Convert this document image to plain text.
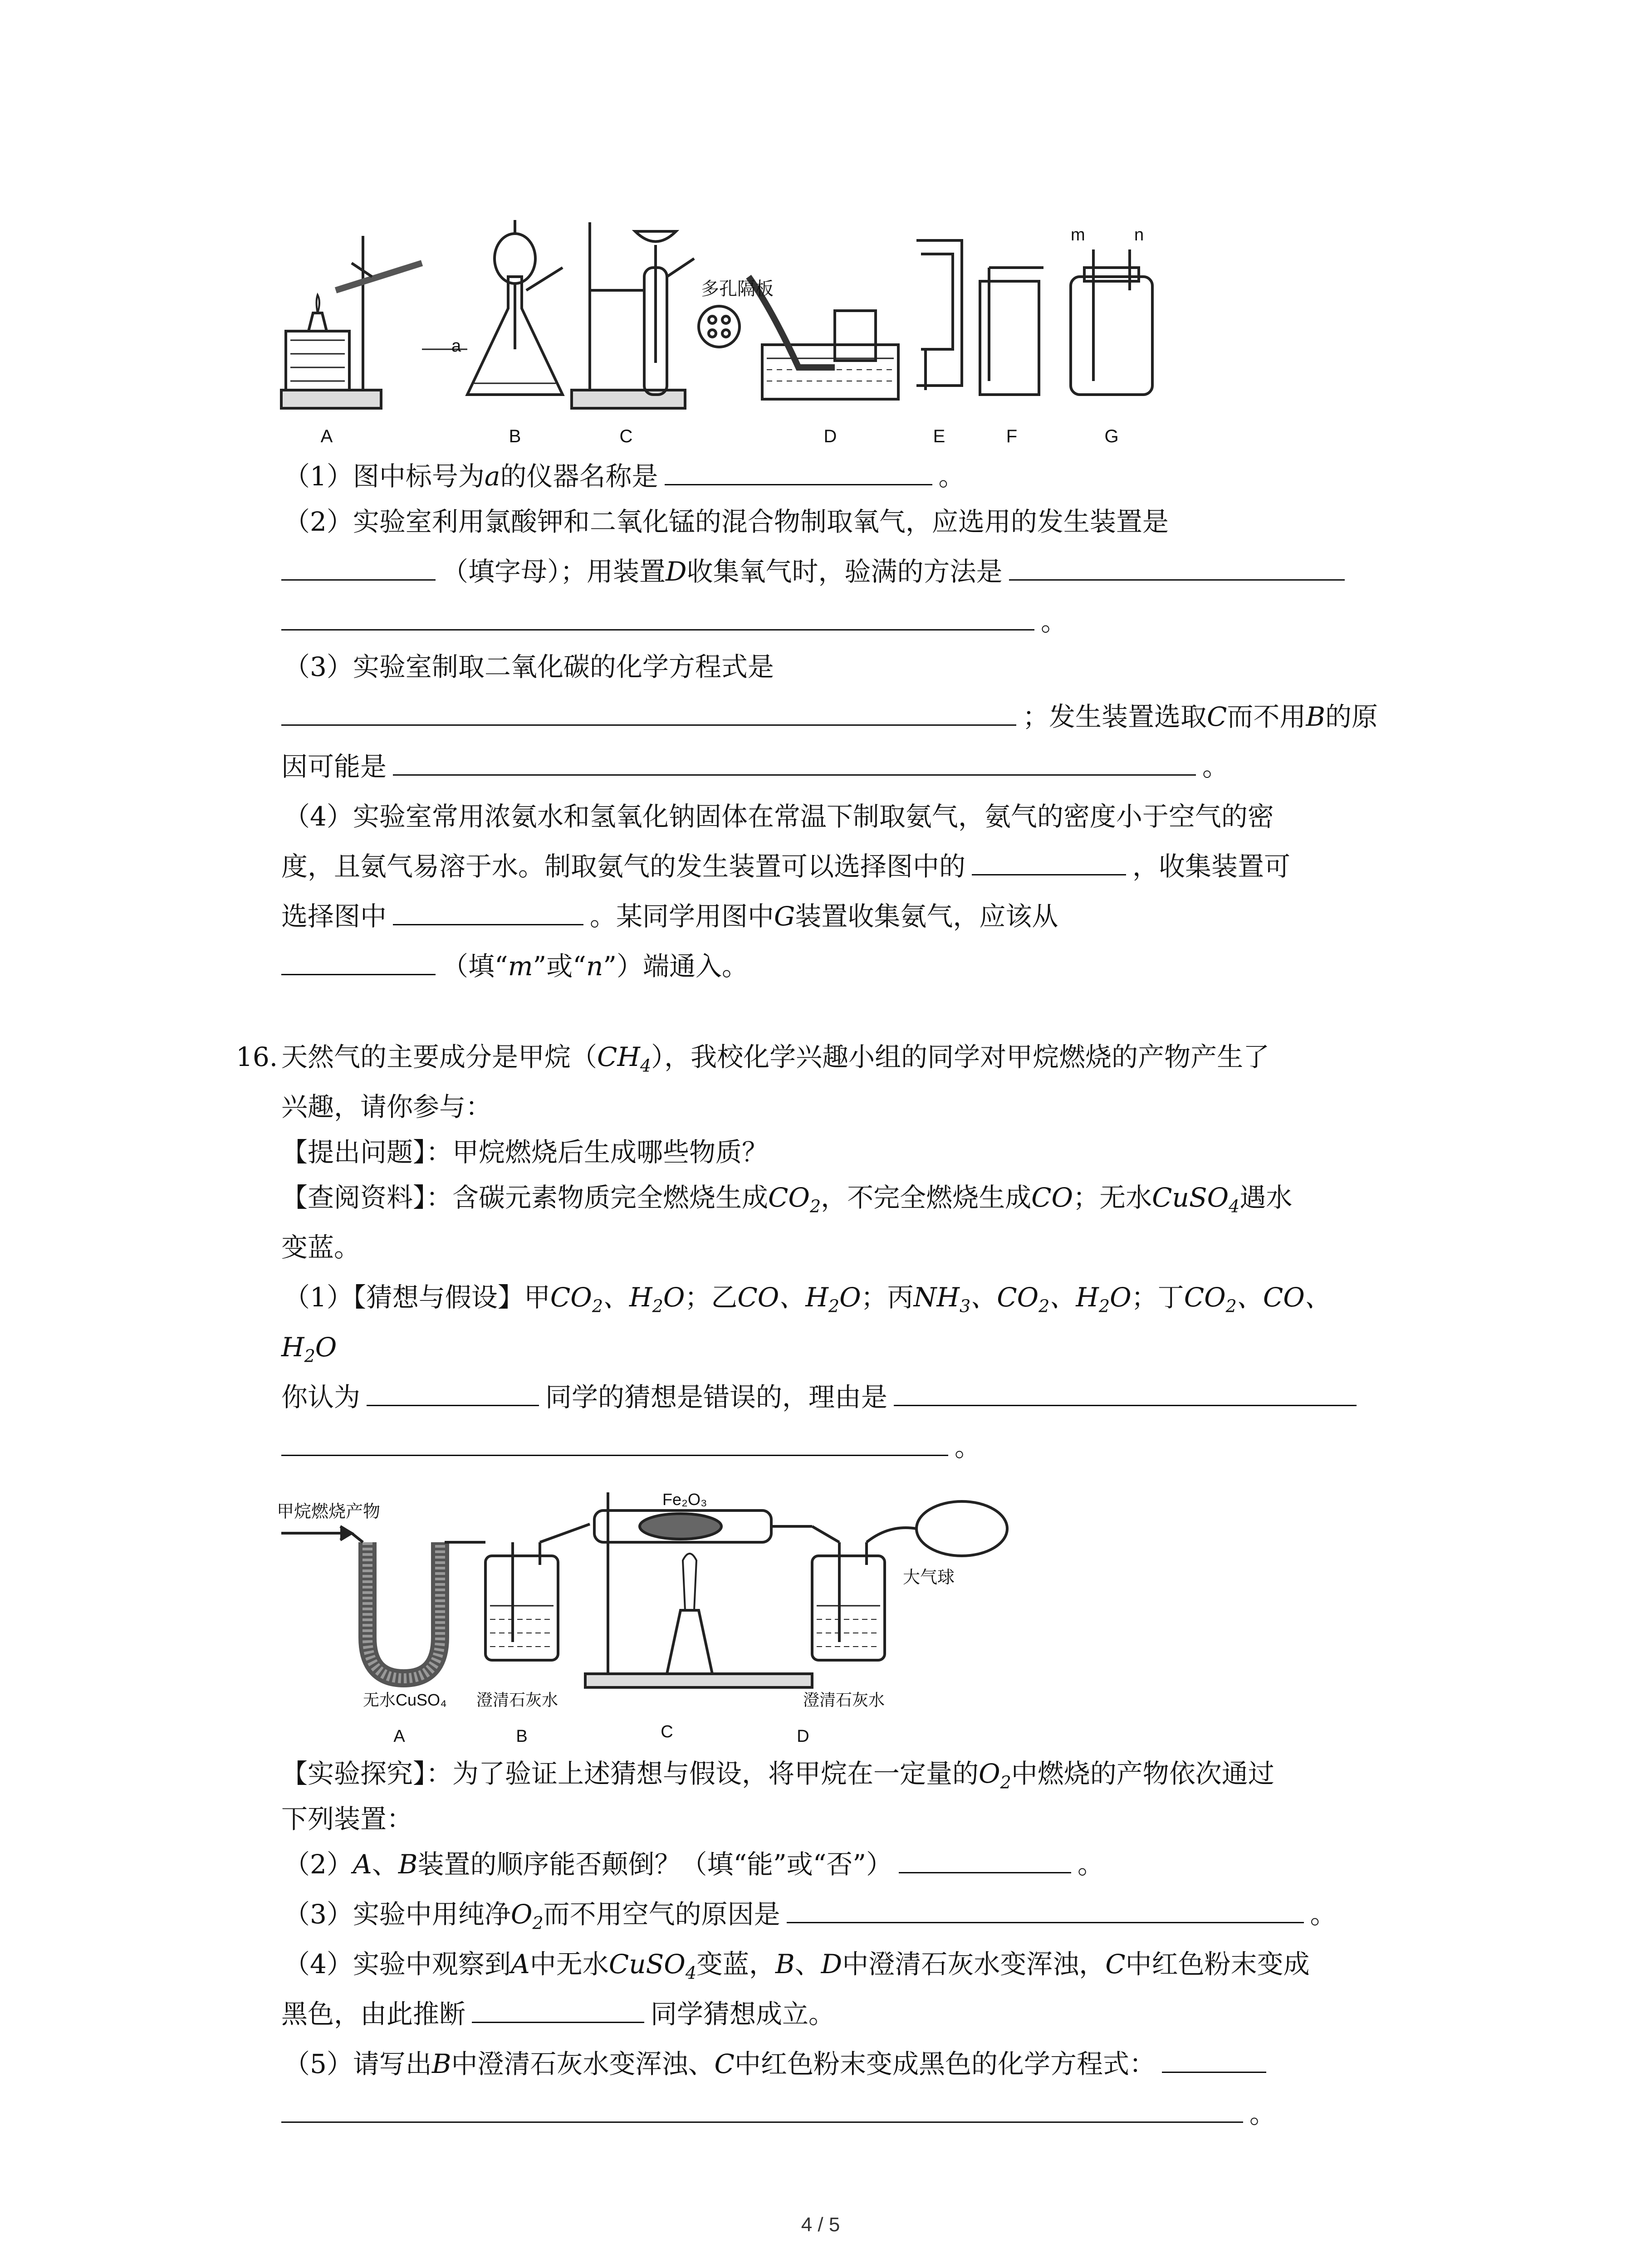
多孔隔板
a
m	n
A	B	C	D	E	F	G
（1）图中标号为a的仪器名称是	。
（2）实验室利用氯酸钾和二氧化锰的混合物制取氧气，应选用的发生装置是
（填字母）；用装置D收集氧气时，验满的方法是
。
（3）实验室制取二氧化碳的化学方程式是
；发生装置选取C而不用B的原
因可能是	。
（4）实验室常用浓氨水和氢氧化钠固体在常温下制取氨气，氨气的密度小于空气的密
度，且氨气易溶于水。制取氨气的发生装置可以选择图中的	，收集装置可
选择图中	。某同学用图中G装置收集氨气，应该从
（填“m”或“n”）端通入。
16. 天然气的主要成分是甲烷$(CH_4)$，我校化学兴趣小组的同学对甲烷燃烧的产物产生了
兴趣，请你参与：
【提出问题】：甲烷燃烧后生成哪些物质？
【查阅资料】：含碳元素物质完全燃烧生成$CO_2$，不完全燃烧生成CO；无水CuSO$_4$遇水
变蓝。
（1）【猜想与假设】甲$CO_2$、$H_2O$；乙CO、$H_2O$；丙$NH_3$、$CO_2$、$H_2O$；丁$CO_2$、CO、
$H_2O$
你认为	同学的猜想是错误的，理由是
。
甲烷燃烧产物
Fe₂O₃
大气球
无水CuSO₄ 澄清石灰水	澄清石灰水
A	B	C	D
【实验探究】：为了验证上述猜想与假设，将甲烷在一定量的$O_2$中燃烧的产物依次通过
下列装置：
（2）A、B装置的顺序能否颠倒？（填“能”或“否”）	。
（3）实验中用纯净$O_2$而不用空气的原因是	。
（4）实验中观察到A中无水CuSO$_4$变蓝，B、D中澄清石灰水变浑浊，C中红色粉末变成
黑色，由此推断	同学猜想成立。
（5）请写出B中澄清石灰水变浑浊、C中红色粉末变成黑色的化学方程式：
。
4 / 5
